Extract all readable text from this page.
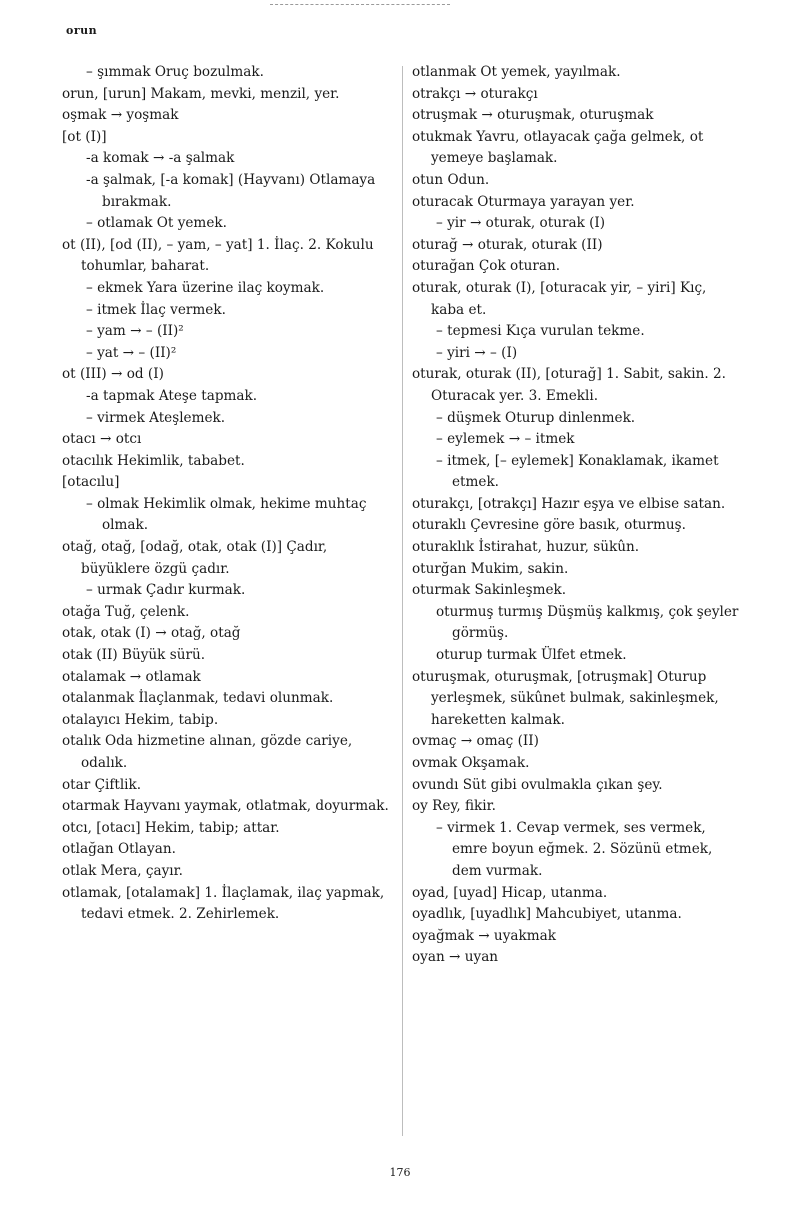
orun

– şımmak Oruç bozulmak.

orun, [urun] Makam, mevki, menzil, yer.

oşmak → yoşmak

[ot (I)]

-a komak → -a şalmak

-a şalmak, [-a komak] (Hayvanı) Otlamaya bırakmak.

– otlamak Ot yemek.

ot (II), [od (II), – yam, – yat] 1. İlaç. 2. Kokulu tohumlar, baharat.

– ekmek Yara üzerine ilaç koymak.

– itmek İlaç vermek.

– yam → – (II)²

– yat → – (II)²

ot (III) → od (I)

-a tapmak Ateşe tapmak.

– virmek Ateşlemek.

otacı → otcı

otacılık Hekimlik, tababet.

[otacılu]

– olmak Hekimlik olmak, hekime muhtaç olmak.

otağ, otağ, [odağ, otak, otak (I)] Çadır, büyüklere özgü çadır.

– urmak Çadır kurmak.

otağa Tuğ, çelenk.

otak, otak (I) → otağ, otağ

otak (II) Büyük sürü.

otalamak → otlamak

otalanmak İlaçlanmak, tedavi olunmak.

otalayıcı Hekim, tabip.

otalık Oda hizmetine alınan, gözde cariye, odalık.

otar Çiftlik.

otarmak Hayvanı yaymak, otlatmak, doyurmak.

otcı, [otacı] Hekim, tabip; attar.

otlağan Otlayan.

otlak Mera, çayır.

otlamak, [otalamak] 1. İlaçlamak, ilaç yapmak, tedavi etmek. 2. Zehirlemek.

otlanmak Ot yemek, yayılmak.

otrakçı → oturakçı

otruşmak → oturuşmak, oturuşmak

otukmak Yavru, otlayacak çağa gelmek, ot yemeye başlamak.

otun Odun.

oturacak Oturmaya yarayan yer.

– yir → oturak, oturak (I)

oturağ → oturak, oturak (II)

oturağan Çok oturan.

oturak, oturak (I), [oturacak yir, – yiri] Kıç, kaba et.

– tepmesi Kıça vurulan tekme.

– yiri → – (I)

oturak, oturak (II), [oturağ] 1. Sabit, sakin. 2. Oturacak yer. 3. Emekli.

– düşmek Oturup dinlenmek.

– eylemek → – itmek

– itmek, [– eylemek] Konaklamak, ikamet etmek.

oturakçı, [otrakçı] Hazır eşya ve elbise satan.

oturaklı Çevresine göre basık, oturmuş.

oturaklık İstirahat, huzur, sükûn.

oturğan Mukim, sakin.

oturmak Sakinleşmek.

oturmuş turmış Düşmüş kalkmış, çok şeyler görmüş.

oturup turmak Ülfet etmek.

oturuşmak, oturuşmak, [otruşmak] Oturup yerleşmek, sükûnet bulmak, sakinleşmek, hareketten kalmak.

ovmaç → omaç (II)

ovmak Okşamak.

ovundı Süt gibi ovulmakla çıkan şey.

oy Rey, fikir.

– virmek 1. Cevap vermek, ses vermek, emre boyun eğmek. 2. Sözünü etmek, dem vurmak.

oyad, [uyad] Hicap, utanma.

oyadlık, [uyadlık] Mahcubiyet, utanma.

oyağmak → uyakmak

oyan → uyan

176
